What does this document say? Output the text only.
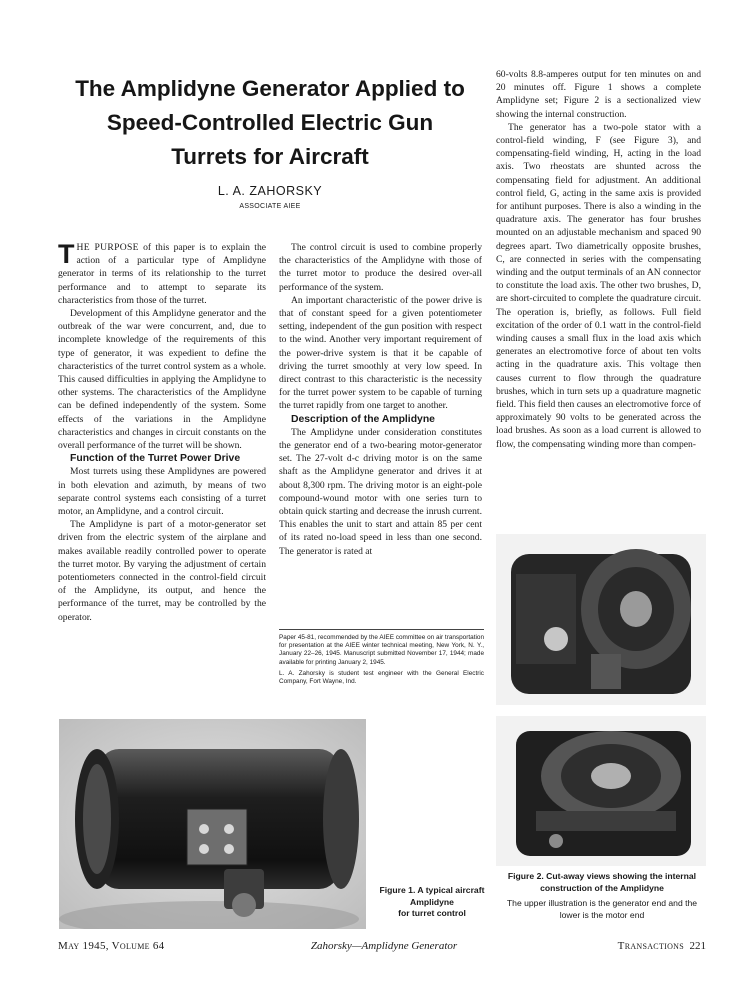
The Amplidyne Generator Applied to
Speed-Controlled Electric Gun
Turrets for Aircraft
L. A. ZAHORSKY
ASSOCIATE AIEE

THE PURPOSE of this paper is to explain the action of a particular type of Amplidyne generator in terms of its relationship to the turret performance and to attempt to separate its characteristics from those of the turret.

Development of this Amplidyne generator and the outbreak of the war were concurrent, and, due to incomplete knowledge of the requirements of this type of generator, it was expedient to define the characteristics of the turret control system as a whole. This caused difficulties in applying the Amplidyne to other systems. The characteristics of the Amplidyne can be defined independently of the system. Some effects of the variations in the Amplidyne characteristics and changes in circuit constants on the overall performance of the turret will be shown.

Function of the Turret Power Drive

Most turrets using these Amplidynes are powered in both elevation and azimuth, by means of two separate control systems each consisting of a turret motor, an Amplidyne, and a control circuit.

The Amplidyne is part of a motor-generator set driven from the electric system of the airplane and makes available readily controlled power to operate the turret motor. By varying the adjustment of certain potentiometers connected in the control-field circuit of the Amplidyne, its output, and hence the performance of the turret, may be controlled by the operator.

The control circuit is used to combine properly the characteristics of the Amplidyne with those of the turret motor to produce the desired over-all performance of the system.

An important characteristic of the power drive is that of constant speed for a given potentiometer setting, independent of the gun position with respect to the wind. Another very important requirement of the power-drive system is that it be capable of driving the turret smoothly at very low speed. In direct contrast to this characteristic is the necessity for the turret power system to be capable of turning the turret rapidly from one target to another.

Description of the Amplidyne

The Amplidyne under consideration constitutes the generator end of a two-bearing motor-generator set. The 27-volt d-c driving motor is on the same shaft as the Amplidyne generator and drives it at about 8,300 rpm. The driving motor is an eight-pole compound-wound motor with one series turn to obtain quick starting and decrease the inrush current. This enables the unit to start and attain 85 per cent of its rated no-load speed in less than one second. The generator is rated at

Paper 45-81, recommended by the AIEE committee on air transportation for presentation at the AIEE winter technical meeting, New York, N. Y., January 22–26, 1945. Manuscript submitted November 17, 1944; made available for printing January 2, 1945.

L. A. Zahorsky is student test engineer with the General Electric Company, Fort Wayne, Ind.

60-volts 8.8-amperes output for ten minutes on and 20 minutes off. Figure 1 shows a complete Amplidyne set; Figure 2 is a sectionalized view showing the internal construction.

The generator has a two-pole stator with a control-field winding, F (see Figure 3), and compensating-field winding, H, acting in the load axis. Two rheostats are shunted across the compensating field for adjustment. An additional control field, G, acting in the same axis is provided for antihunt purposes. There is also a winding in the quadrature axis. The generator has four brushes mounted on an adjustable mechanism and spaced 90 degrees apart. Two diametrically opposite brushes, C, are connected in series with the compensating winding and the output terminals of an AN connector to constitute the load axis. The other two brushes, D, are short-circuited to complete the quadrature circuit. The operation is, briefly, as follows. Full field excitation of the order of 0.1 watt in the control-field winding causes a small flux in the load axis which generates an electromotive force of about ten volts acting in the quadrature axis. This voltage then causes current to flow through the quadrature brushes, which in turn sets up a quadrature magnetic field. This field then causes an electromotive force of approximately 90 volts to be generated across the load brushes. As soon as a load current is allowed to flow, the compensating winding more than compen-

Figure 1. A typical aircraft Amplidyne
for turret control
Figure 2. Cut-away views showing the internal construction of the Amplidyne
The upper illustration is the generator end and the lower is the motor end
May 1945, Volume 64	Zahorsky—Amplidyne Generator	Transactions 221
